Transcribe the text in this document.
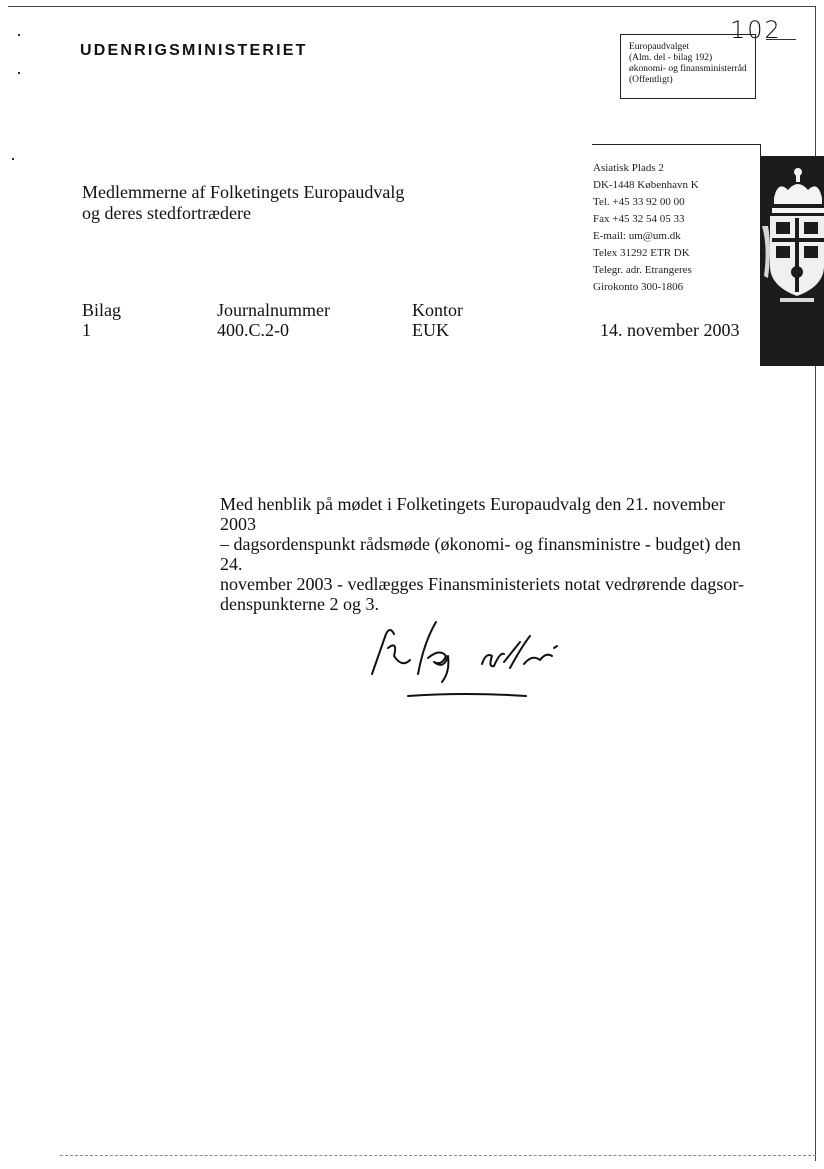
UDENRIGSMINISTERIET
102
Europaudvalget
(Alm. del - bilag 192)
økonomi- og finansministerråd
(Offentligt)
Asiatisk Plads 2
DK-1448 København K
Tel. +45 33 92 00 00
Fax +45 32 54 05 33
E-mail: um@um.dk
Telex 31292 ETR DK
Telegr. adr. Etrangeres
Girokonto 300-1806
Medlemmerne af Folketingets Europaudvalg
og deres stedfortrædere
Bilag
1
Journalnummer
400.C.2-0
Kontor
EUK	14. november 2003
Med henblik på mødet i Folketingets Europaudvalg den 21. november 2003
– dagsordenspunkt rådsmøde (økonomi- og finansministre - budget) den 24.
november 2003 - vedlægges Finansministeriets notat vedrørende dagsor-
denspunkterne 2 og 3.
